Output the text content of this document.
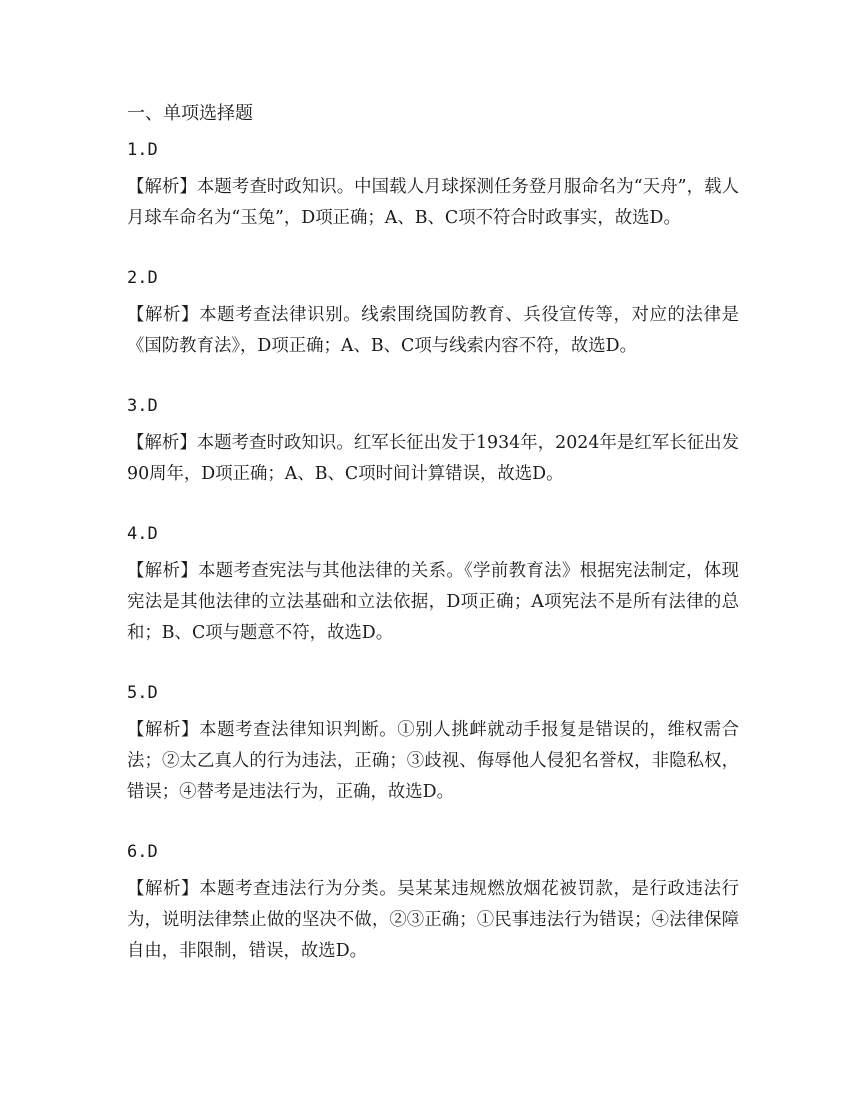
一、单项选择题
1.D

【解析】本题考查时政知识。中国载人月球探测任务登月服命名为“天舟”，载人月球车命名为“玉兔”，D项正确；A、B、C项不符合时政事实，故选D。

2.D

【解析】本题考查法律识别。线索围绕国防教育、兵役宣传等，对应的法律是《国防教育法》，D项正确；A、B、C项与线索内容不符，故选D。

3.D

【解析】本题考查时政知识。红军长征出发于1934年，2024年是红军长征出发90周年，D项正确；A、B、C项时间计算错误，故选D。

4.D

【解析】本题考查宪法与其他法律的关系。《学前教育法》根据宪法制定，体现宪法是其他法律的立法基础和立法依据，D项正确；A项宪法不是所有法律的总和；B、C项与题意不符，故选D。

5.D

【解析】本题考查法律知识判断。①别人挑衅就动手报复是错误的，维权需合法；②太乙真人的行为违法，正确；③歧视、侮辱他人侵犯名誉权，非隐私权，错误；④替考是违法行为，正确，故选D。

6.D

【解析】本题考查违法行为分类。吴某某违规燃放烟花被罚款，是行政违法行为，说明法律禁止做的坚决不做，②③正确；①民事违法行为错误；④法律保障自由，非限制，错误，故选D。
